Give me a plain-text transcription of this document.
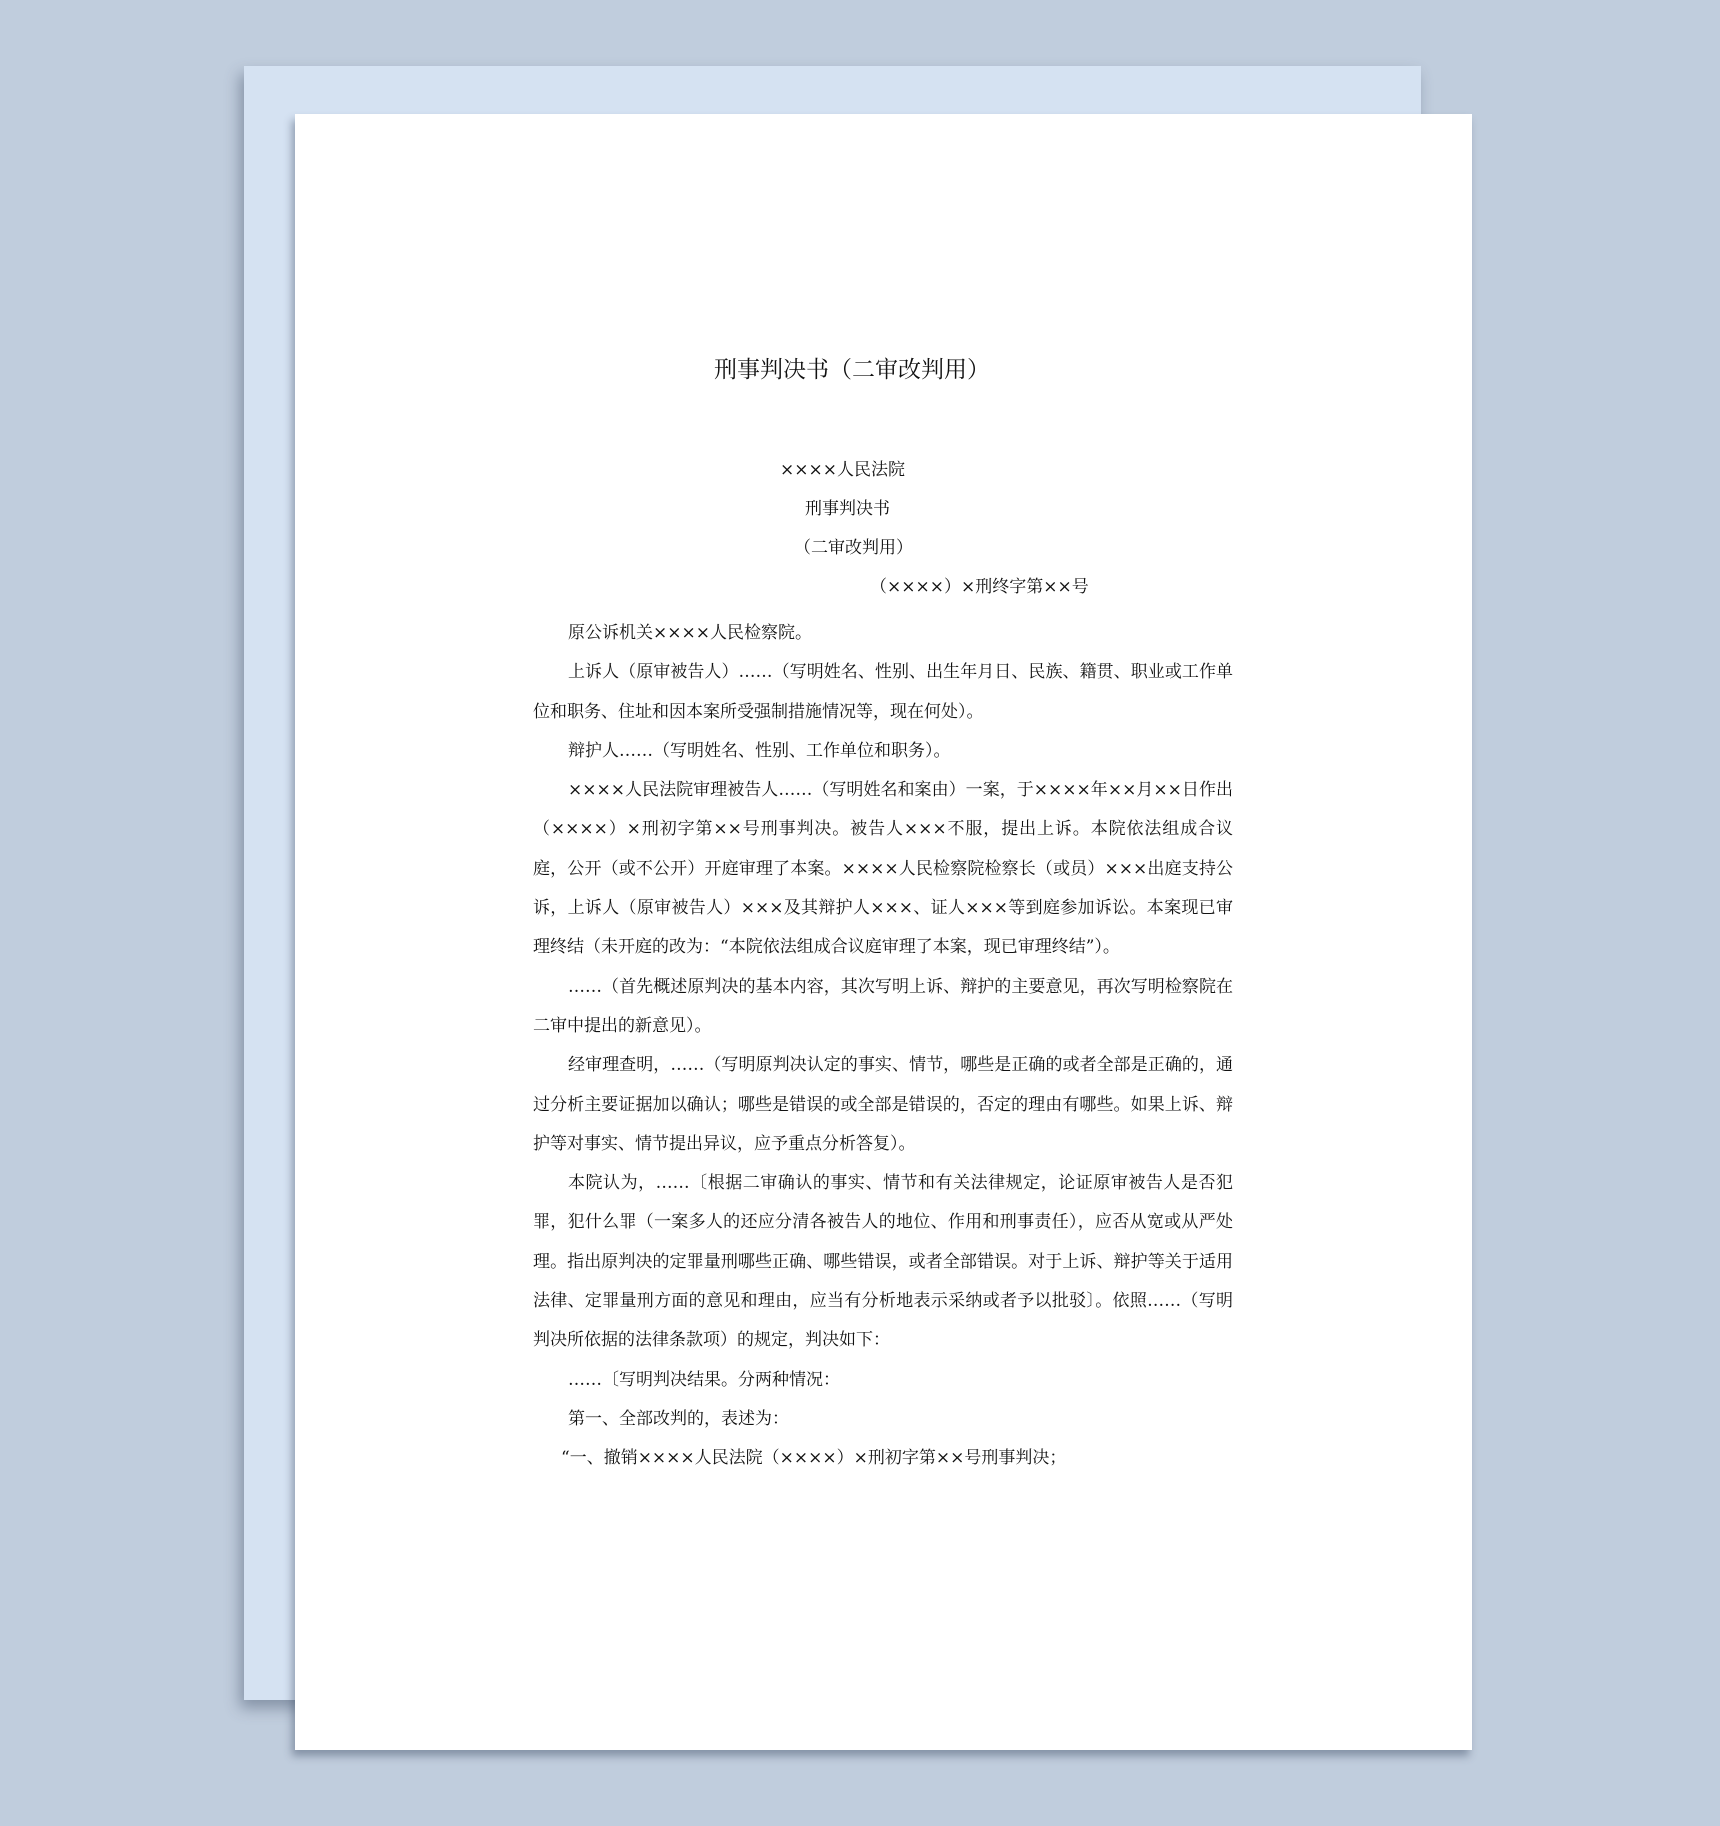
刑事判决书（二审改判用）
××××人民法院
刑事判决书
（二审改判用）
（××××）×刑终字第××号

原公诉机关××××人民检察院。

上诉人（原审被告人）……（写明姓名、性别、出生年月日、民族、籍贯、职业或工作单位和职务、住址和因本案所受强制措施情况等，现在何处）。

辩护人……（写明姓名、性别、工作单位和职务）。

××××人民法院审理被告人……（写明姓名和案由）一案，于××××年××月××日作出（××××）×刑初字第××号刑事判决。被告人×××不服，提出上诉。本院依法组成合议庭，公开（或不公开）开庭审理了本案。××××人民检察院检察长（或员）×××出庭支持公诉，上诉人（原审被告人）×××及其辩护人×××、证人×××等到庭参加诉讼。本案现已审理终结（未开庭的改为：“本院依法组成合议庭审理了本案，现已审理终结”）。

……（首先概述原判决的基本内容，其次写明上诉、辩护的主要意见，再次写明检察院在二审中提出的新意见）。

经审理查明，……（写明原判决认定的事实、情节，哪些是正确的或者全部是正确的，通过分析主要证据加以确认；哪些是错误的或全部是错误的，否定的理由有哪些。如果上诉、辩护等对事实、情节提出异议，应予重点分析答复）。

本院认为，……〔根据二审确认的事实、情节和有关法律规定，论证原审被告人是否犯罪，犯什么罪（一案多人的还应分清各被告人的地位、作用和刑事责任），应否从宽或从严处理。指出原判决的定罪量刑哪些正确、哪些错误，或者全部错误。对于上诉、辩护等关于适用法律、定罪量刑方面的意见和理由，应当有分析地表示采纳或者予以批驳〕。依照……（写明判决所依据的法律条款项）的规定，判决如下：

……〔写明判决结果。分两种情况：

第一、全部改判的，表述为：

“一、撤销××××人民法院（××××）×刑初字第××号刑事判决；
